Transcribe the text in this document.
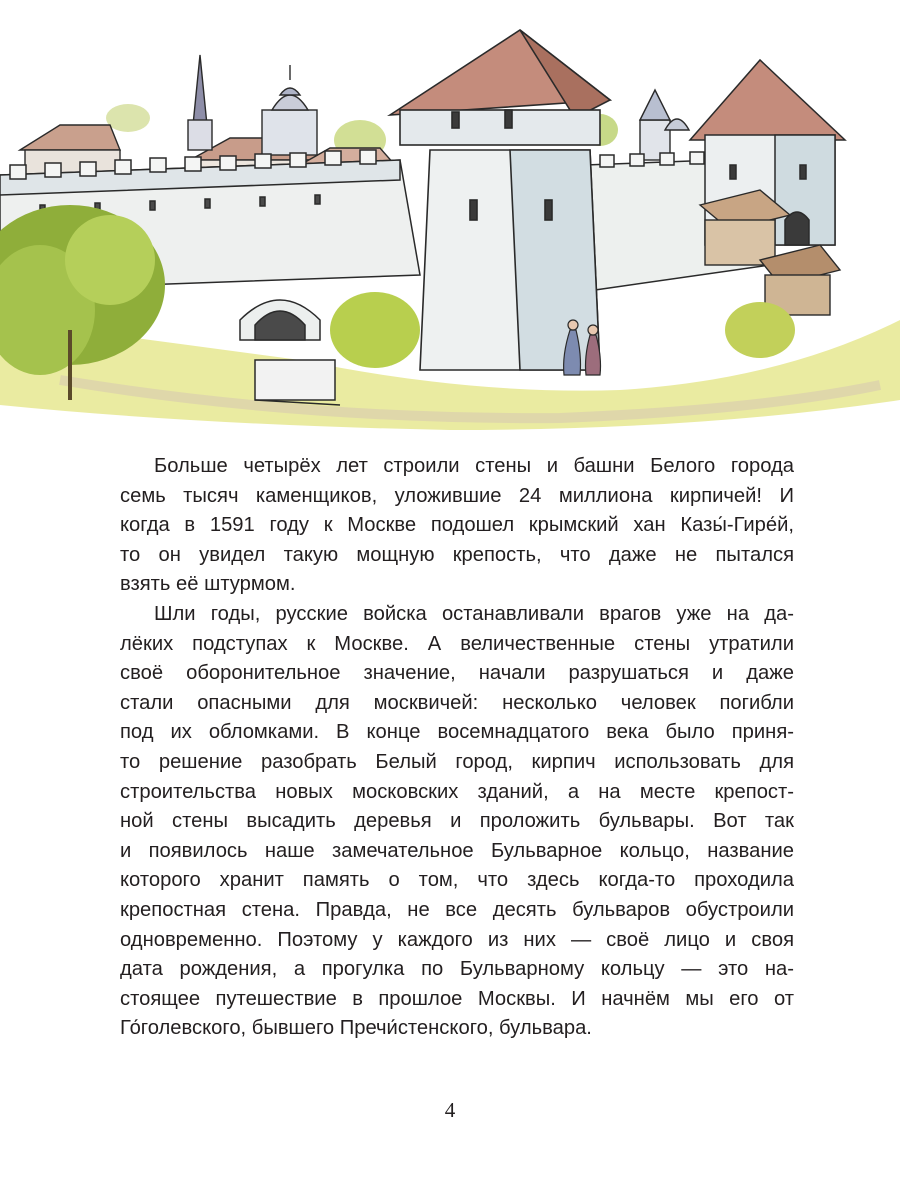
Больше четырёх лет строили стены и башни Белого города
семь тысяч каменщиков, уложившие 24 миллиона кирпичей! И
когда в 1591 году к Москве подошел крымский хан Казы́-Гире́й,
то он увидел такую мощную крепость, что даже не пытался
взять её штурмом.

Шли годы, русские войска останавливали врагов уже на да-
лёких подступах к Москве. А величественные стены утратили
своё оборонительное значение, начали разрушаться и даже
стали опасными для москвичей: несколько человек погибли
под их обломками. В конце восемнадцатого века было приня-
то решение разобрать Белый город, кирпич использовать для
строительства новых московских зданий, а на месте крепост-
ной стены высадить деревья и проложить бульвары. Вот так
и появилось наше замечательное Бульварное кольцо, название
которого хранит память о том, что здесь когда-то проходила
крепостная стена. Правда, не все десять бульваров обустроили
одновременно. Поэтому у каждого из них — своё лицо и своя
дата рождения, а прогулка по Бульварному кольцу — это на-
стоящее путешествие в прошлое Москвы. И начнём мы его от
Го́голевского, бывшего Пречи́стенского, бульвара.

4
